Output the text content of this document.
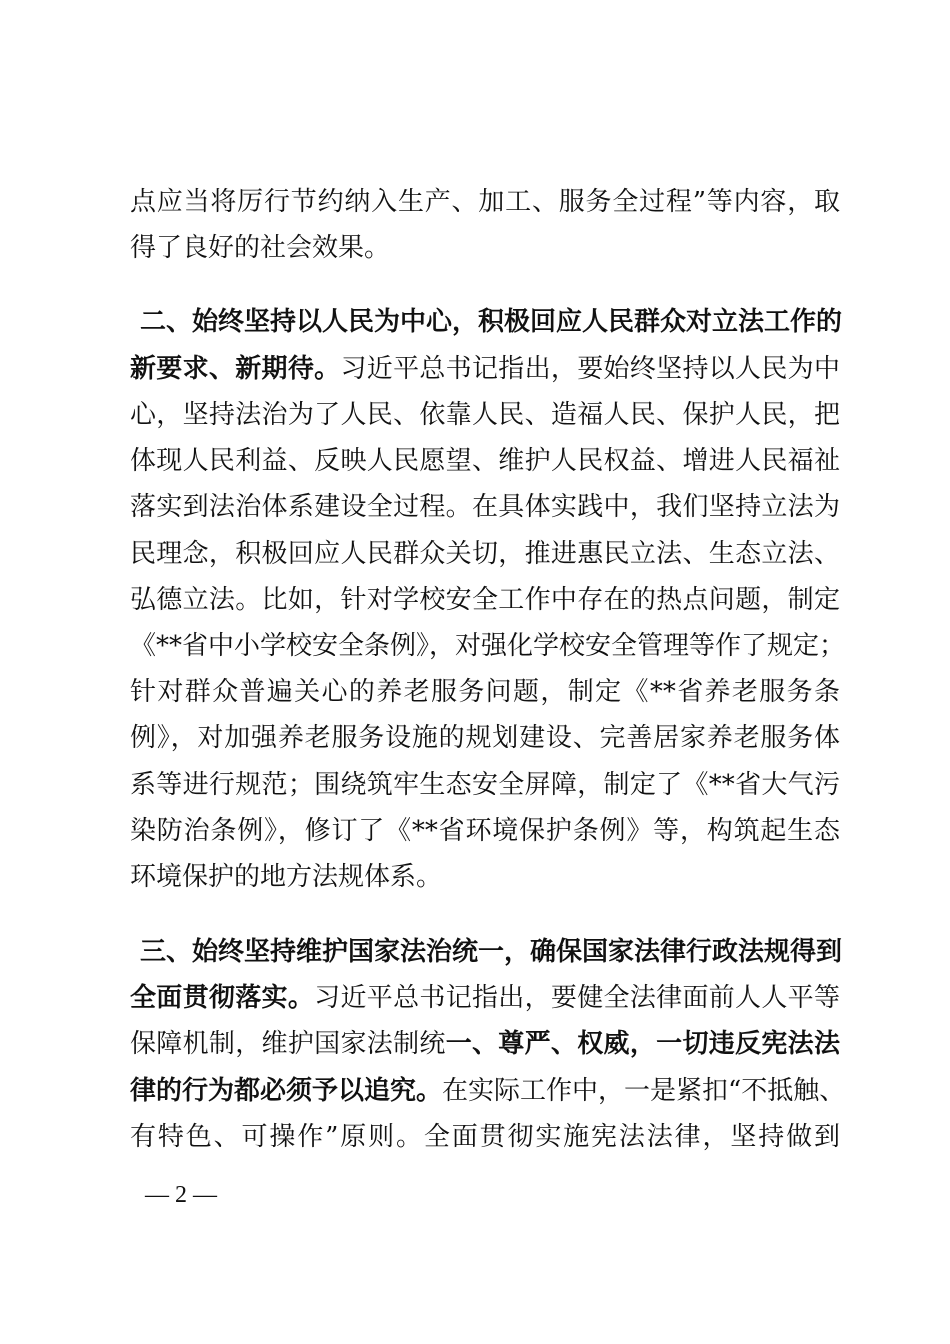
点应当将厉行节约纳入生产、加工、服务全过程”等内容，取
得了良好的社会效果。
二、始终坚持以人民为中心，积极回应人民群众对立法工作的
新要求、新期待。习近平总书记指出，要始终坚持以人民为中
心，坚持法治为了人民、依靠人民、造福人民、保护人民，把
体现人民利益、反映人民愿望、维护人民权益、增进人民福祉
落实到法治体系建设全过程。在具体实践中，我们坚持立法为
民理念，积极回应人民群众关切，推进惠民立法、生态立法、
弘德立法。比如，针对学校安全工作中存在的热点问题，制定
《**省中小学校安全条例》，对强化学校安全管理等作了规定；
针对群众普遍关心的养老服务问题，制定《**省养老服务条
例》，对加强养老服务设施的规划建设、完善居家养老服务体
系等进行规范；围绕筑牢生态安全屏障，制定了《**省大气污
染防治条例》，修订了《**省环境保护条例》等，构筑起生态
环境保护的地方法规体系。
三、始终坚持维护国家法治统一，确保国家法律行政法规得到
全面贯彻落实。习近平总书记指出，要健全法律面前人人平等
保障机制，维护国家法制统一、尊严、权威，一切违反宪法法
律的行为都必须予以追究。在实际工作中，一是紧扣“不抵触、
有特色、可操作”原则。全面贯彻实施宪法法律，坚持做到
— 2 —
